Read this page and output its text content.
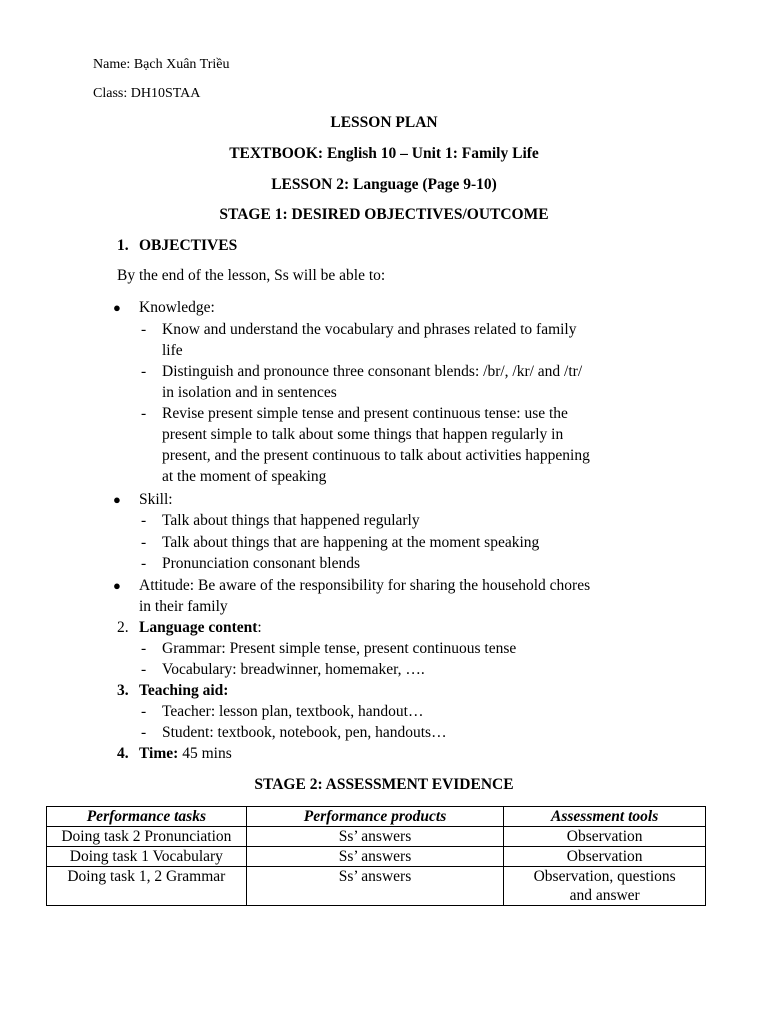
Name: Bạch Xuân Triều
Class: DH10STAA
LESSON PLAN
TEXTBOOK: English 10 – Unit 1: Family Life
LESSON 2: Language (Page 9-10)
STAGE 1: DESIRED OBJECTIVES/OUTCOME
1. OBJECTIVES
By the end of the lesson, Ss will be able to:
● Knowledge:
- Know and understand the vocabulary and phrases related to family
life
- Distinguish and pronounce three consonant blends: /br/, /kr/ and /tr/
in isolation and in sentences
- Revise present simple tense and present continuous tense: use the
present simple to talk about some things that happen regularly in
present, and the present continuous to talk about activities happening
at the moment of speaking
● Skill:
- Talk about things that happened regularly
- Talk about things that are happening at the moment speaking
- Pronunciation consonant blends
● Attitude: Be aware of the responsibility for sharing the household chores
in their family
2. Language content:
- Grammar: Present simple tense, present continuous tense
- Vocabulary: breadwinner, homemaker, ….
3. Teaching aid:
- Teacher: lesson plan, textbook, handout…
- Student: textbook, notebook, pen, handouts…
4. Time: 45 mins
STAGE 2: ASSESSMENT EVIDENCE
Performance tasks	Performance products	Assessment tools
Doing task 2 Pronunciation	Ss’ answers	Observation
Doing task 1 Vocabulary	Ss’ answers	Observation
Doing task 1, 2 Grammar	Ss’ answers	Observation, questions
and answer
